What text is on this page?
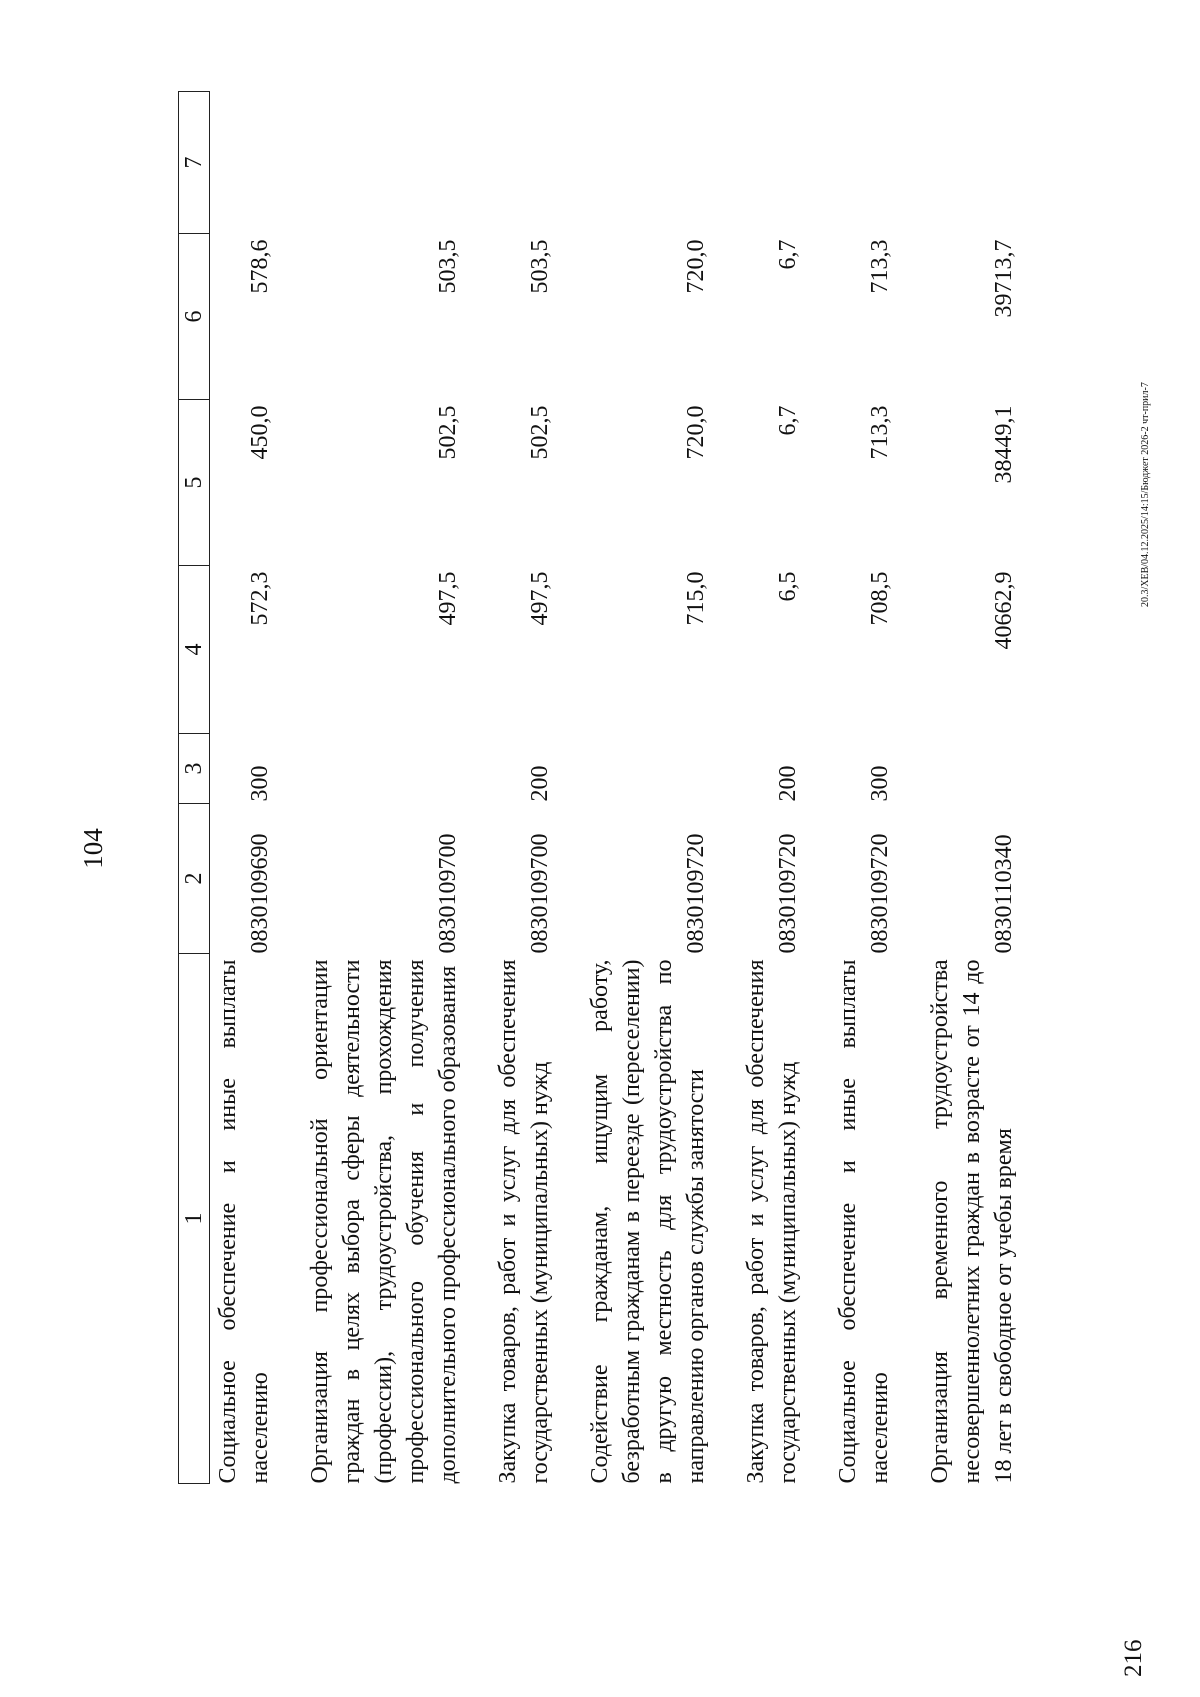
104
1	2	3	4	5	6	7
Социальное обеспечение и иные выплаты населению	0830109690	300	572,3	450,0	578,6	
Организация профессиональной ориентации граждан в целях выбора сферы деятельности (профессии), трудоустройства, прохождения профессионального обучения и получения дополнительного профессионального образования	0830109700		497,5	502,5	503,5	
Закупка товаров, работ и услуг для обеспечения государственных (муниципальных) нужд	0830109700	200	497,5	502,5	503,5	
Содействие гражданам, ищущим работу, безработным гражданам в переезде (переселении) в другую местность для трудоустройства по направлению органов службы занятости	0830109720		715,0	720,0	720,0	
Закупка товаров, работ и услуг для обеспечения государственных (муниципальных) нужд	0830109720	200	6,5	6,7	6,7	
Социальное обеспечение и иные выплаты населению	0830109720	300	708,5	713,3	713,3	
Организация временного трудоустройства несовершеннолетних граждан в возрасте от 14 до 18 лет в свободное от учебы время	0830110340		40662,9	38449,1	39713,7	
216
20.3/ХЕВ/04.12.2025/14:15/Бюджет 2026-2 чт-прил-7
